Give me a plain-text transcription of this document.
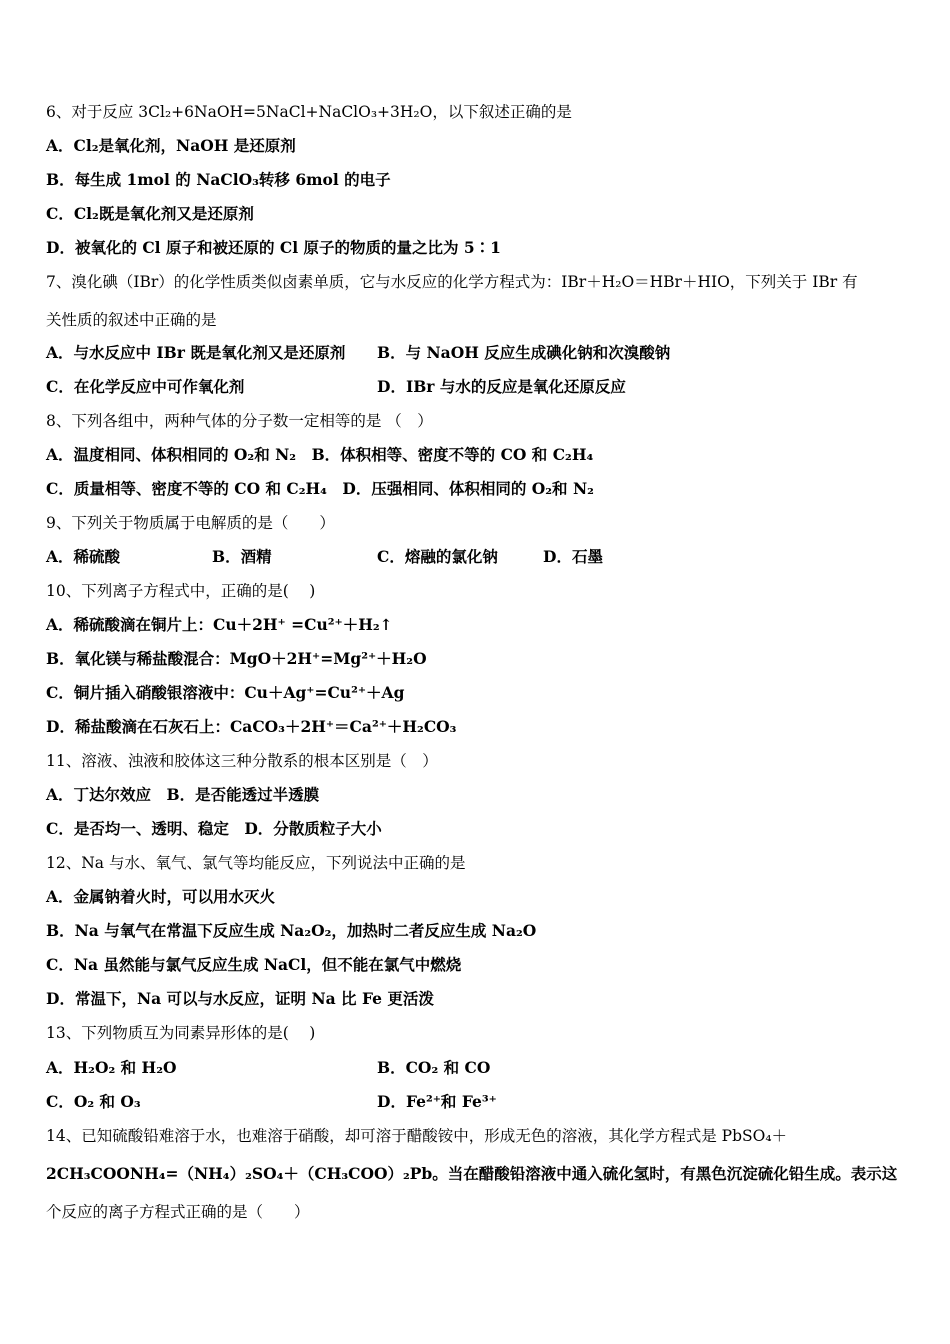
6、对于反应 3Cl₂+6NaOH=5NaCl+NaClO₃+3H₂O，以下叙述正确的是
A．Cl₂是氧化剂，NaOH 是还原剂
B．每生成 1mol 的 NaClO₃转移 6mol 的电子
C．Cl₂既是氧化剂又是还原剂
D．被氧化的 Cl 原子和被还原的 Cl 原子的物质的量之比为 5∶1
7、溴化碘（IBr）的化学性质类似卤素单质，它与水反应的化学方程式为：IBr＋H₂O＝HBr＋HIO，下列关于 IBr 有
关性质的叙述中正确的是
A．与水反应中 IBr 既是氧化剂又是还原剂 B．与 NaOH 反应生成碘化钠和次溴酸钠
C．在化学反应中可作氧化剂	D．IBr 与水的反应是氧化还原反应
8、下列各组中，两种气体的分子数一定相等的是 （　）
A．温度相同、体积相同的 O₂和 N₂　B．体积相等、密度不等的 CO 和 C₂H₄
C．质量相等、密度不等的 CO 和 C₂H₄　D．压强相同、体积相同的 O₂和 N₂
9、下列关于物质属于电解质的是（　　）
A．稀硫酸	B．酒精	C．熔融的氯化钠	D．石墨
10、下列离子方程式中，正确的是(　 )
A．稀硫酸滴在铜片上：Cu＋2H⁺ =Cu²⁺＋H₂↑
B．氧化镁与稀盐酸混合：MgO＋2H⁺=Mg²⁺＋H₂O
C．铜片插入硝酸银溶液中：Cu＋Ag⁺=Cu²⁺＋Ag
D．稀盐酸滴在石灰石上：CaCO₃＋2H⁺＝Ca²⁺＋H₂CO₃
11、溶液、浊液和胶体这三种分散系的根本区别是（　）
A．丁达尔效应　B．是否能透过半透膜
C．是否均一、透明、稳定　D．分散质粒子大小
12、Na 与水、氧气、氯气等均能反应，下列说法中正确的是
A．金属钠着火时，可以用水灭火
B．Na 与氧气在常温下反应生成 Na₂O₂，加热时二者反应生成 Na₂O
C．Na 虽然能与氯气反应生成 NaCl，但不能在氯气中燃烧
D．常温下，Na 可以与水反应，证明 Na 比 Fe 更活泼
13、下列物质互为同素异形体的是(　 )
A．H₂O₂ 和 H₂O	B．CO₂ 和 CO
C．O₂ 和 O₃	D．Fe²⁺和 Fe³⁺
14、已知硫酸铅难溶于水，也难溶于硝酸，却可溶于醋酸铵中，形成无色的溶液，其化学方程式是 PbSO₄＋
2CH₃COONH₄=（NH₄）₂SO₄＋（CH₃COO）₂Pb。当在醋酸铅溶液中通入硫化氢时，有黑色沉淀硫化铅生成。表示这
个反应的离子方程式正确的是（　　）
